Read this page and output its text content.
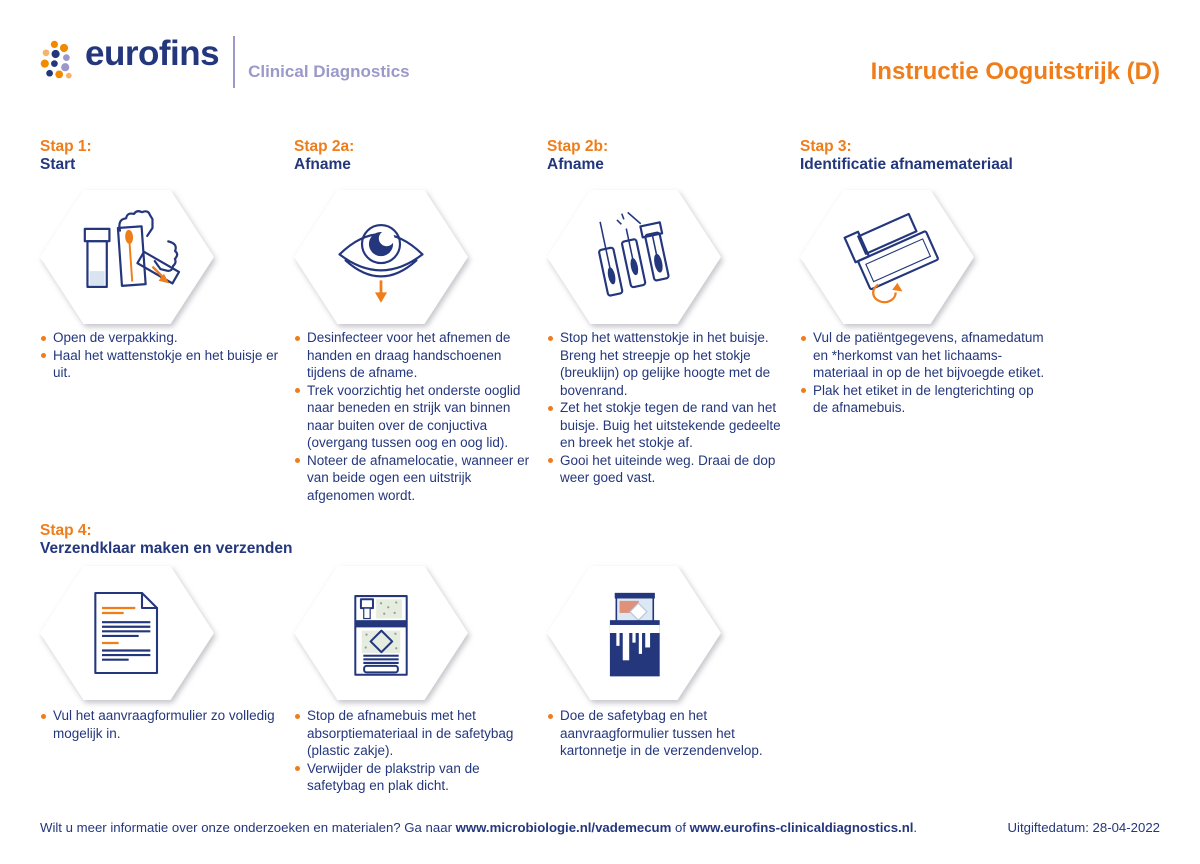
eurofins Clinical Diagnostics	Instructie Ooguitstrijk (D)
Stap 1:
Start
Open de verpakking.
Haal het wattenstokje en het buisje er uit.
Stap 2a:
Afname
Desinfecteer voor het afnemen de handen en draag handschoenen tijdens de afname.
Trek voorzichtig het onderste ooglid naar beneden en strijk van binnen naar buiten over de conjuctiva (overgang tussen oog en oog lid).
Noteer de afnamelocatie, wanneer er van beide ogen een uitstrijk afgenomen wordt.
Stap 2b:
Afname
Stop het wattenstokje in het buisje. Breng het streepje op het stokje (breuklijn) op gelijke hoogte met de bovenrand.
Zet het stokje tegen de rand van het buisje. Buig het uitstekende gedeelte en breek het stokje af.
Gooi het uiteinde weg. Draai de dop weer goed vast.
Stap 3:
Identificatie afnamemateriaal
Vul de patiëntgegevens, afnamedatum en *herkomst van het lichaams-materiaal in op de het bijvoegde etiket.
Plak het etiket in de lengterichting op de afnamebuis.
Stap 4:
Verzendklaar maken en verzenden
Vul het aanvraagformulier zo volledig mogelijk in.
Stop de afnamebuis met het absorptiemateriaal in de safetybag (plastic zakje).
Verwijder de plakstrip van de safetybag en plak dicht.
Doe de safetybag en het aanvraagformulier tussen het kartonnetje in de verzendenvelop.
Wilt u meer informatie over onze onderzoeken en materialen? Ga naar www.microbiologie.nl/vademecum of www.eurofins-clinicaldiagnostics.nl.	Uitgiftedatum: 28-04-2022
